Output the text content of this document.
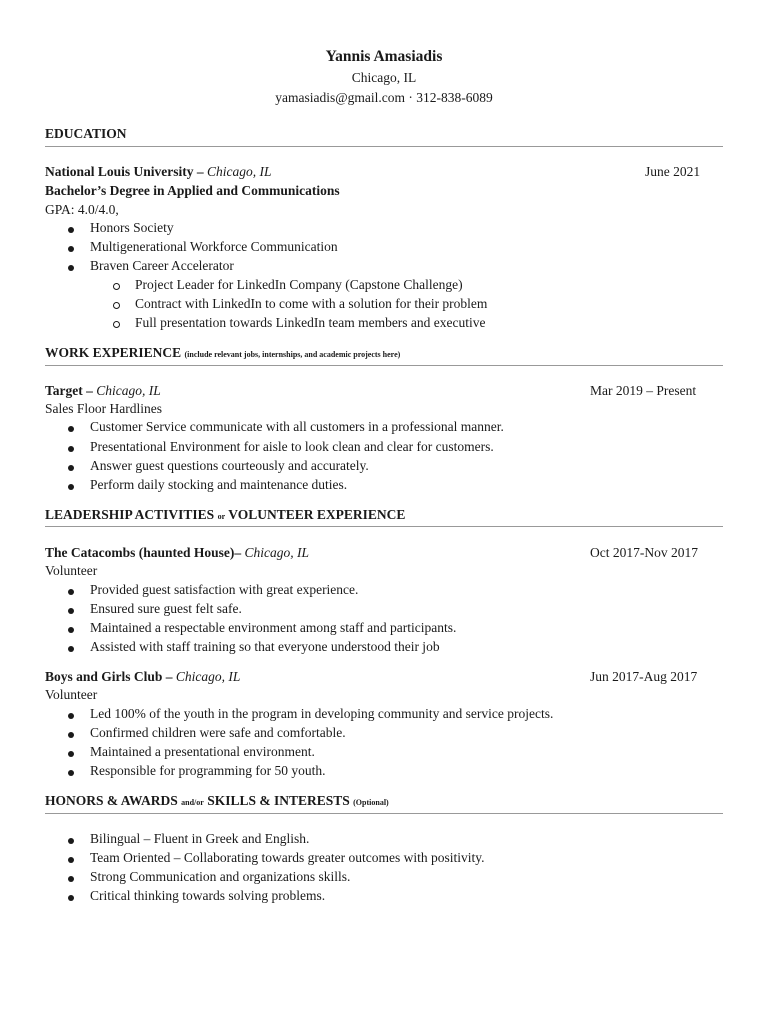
Yannis Amasiadis
Chicago, IL
yamasiadis@gmail.com · 312-838-6089
EDUCATION
National Louis University – Chicago, IL	June 2021
Bachelor’s Degree in Applied and Communications
GPA: 4.0/4.0,
Honors Society
Multigenerational Workforce Communication
Braven Career Accelerator
Project Leader for LinkedIn Company (Capstone Challenge)
Contract with LinkedIn to come with a solution for their problem
Full presentation towards LinkedIn team members and executive
WORK EXPERIENCE (include relevant jobs, internships, and academic projects here)
Target – Chicago, IL	Mar 2019 – Present
Sales Floor Hardlines
Customer Service communicate with all customers in a professional manner.
Presentational Environment for aisle to look clean and clear for customers.
Answer guest questions courteously and accurately.
Perform daily stocking and maintenance duties.
LEADERSHIP ACTIVITIES or VOLUNTEER EXPERIENCE
The Catacombs (haunted House)– Chicago, IL	Oct 2017-Nov 2017
Volunteer
Provided guest satisfaction with great experience.
Ensured sure guest felt safe.
Maintained a respectable environment among staff and participants.
Assisted with staff training so that everyone understood their job
Boys and Girls Club – Chicago, IL	Jun 2017-Aug 2017
Volunteer
Led 100% of the youth in the program in developing community and service projects.
Confirmed children were safe and comfortable.
Maintained a presentational environment.
Responsible for programming for 50 youth.
HONORS & AWARDS and/or SKILLS & INTERESTS (Optional)
Bilingual – Fluent in Greek and English.
Team Oriented – Collaborating towards greater outcomes with positivity.
Strong Communication and organizations skills.
Critical thinking towards solving problems.
